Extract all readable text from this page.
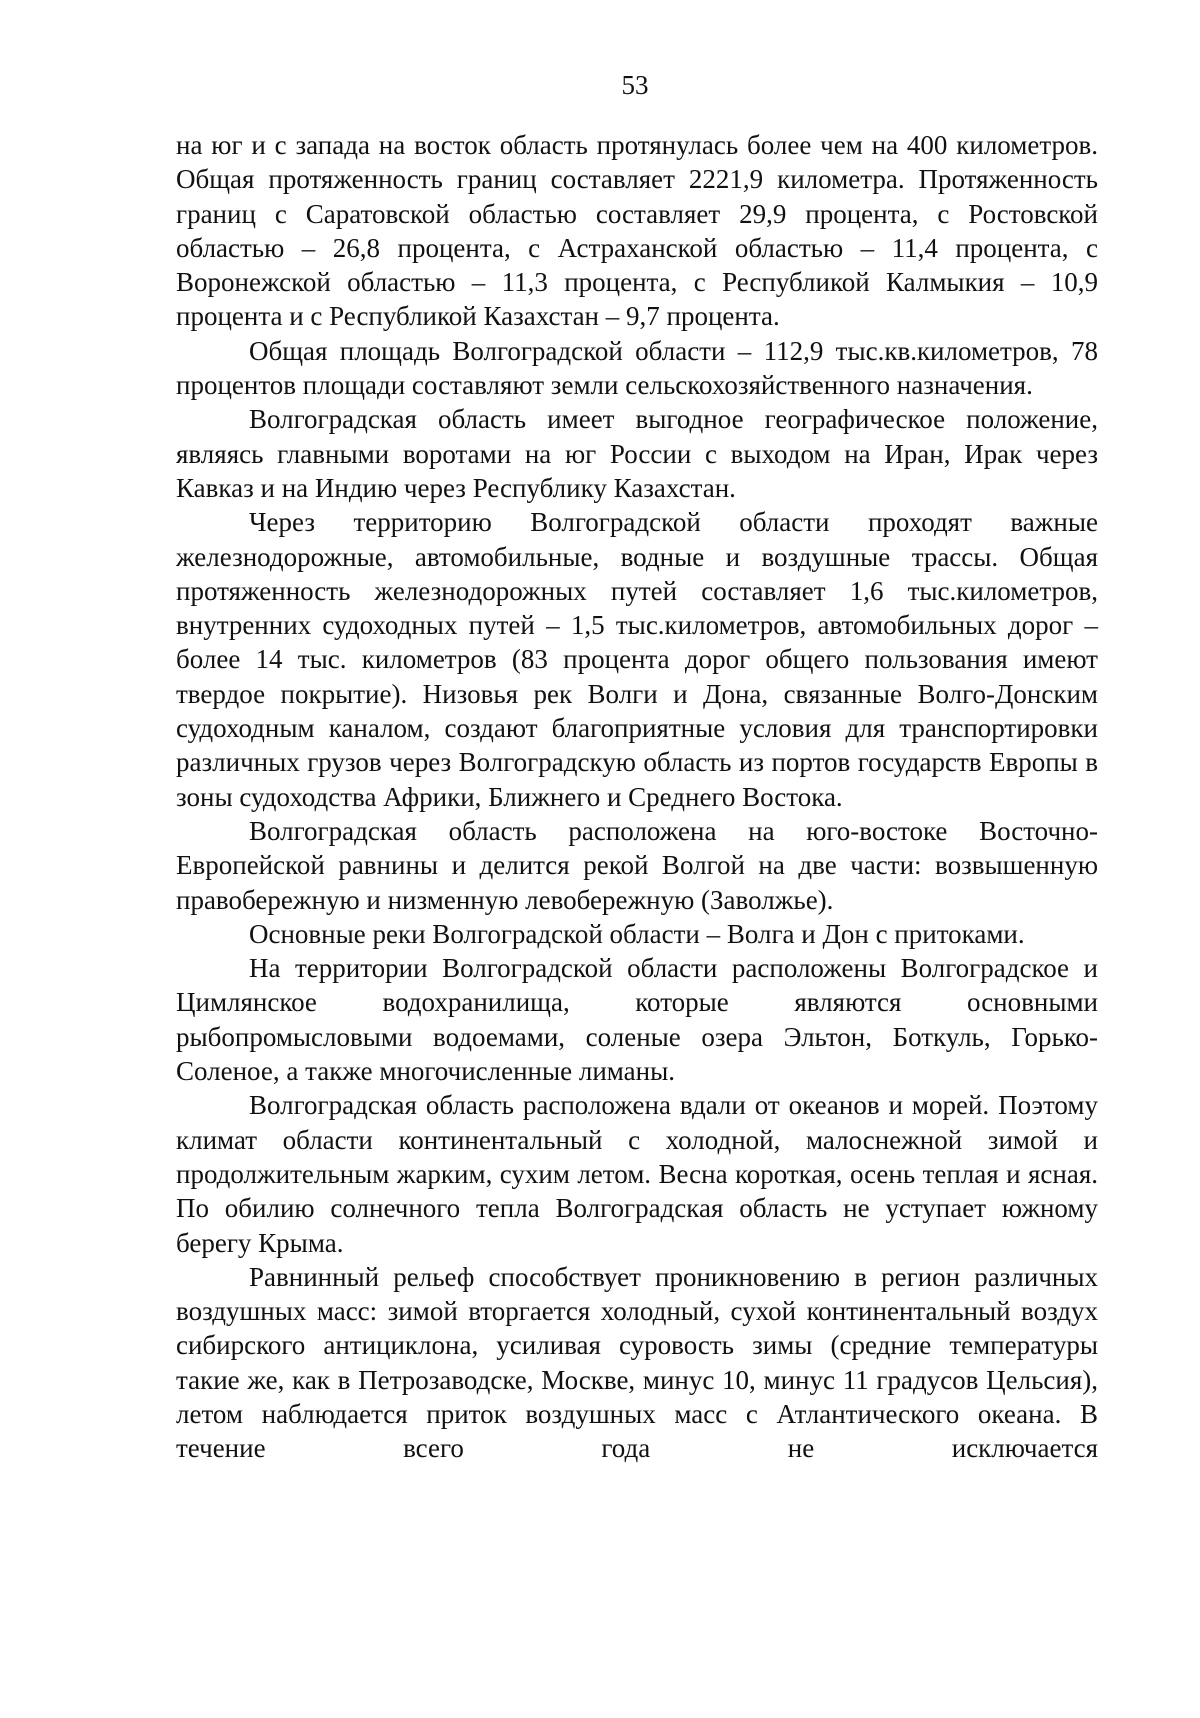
53

на юг и с запада на восток область протянулась более чем на 400 километров. Общая протяженность границ составляет 2221,9 километра. Протяженность границ с Саратовской областью составляет 29,9 процента, с Ростовской областью – 26,8 процента, с Астраханской областью – 11,4 процента, с Воронежской областью – 11,3 процента, с Республикой Калмыкия – 10,9 процента и с Республикой Казахстан – 9,7 процента.

Общая площадь Волгоградской области – 112,9 тыс.кв.километров, 78 процентов площади составляют земли сельскохозяйственного назначения.

Волгоградская область имеет выгодное географическое положение, являясь главными воротами на юг России с выходом на Иран, Ирак через Кавказ и на Индию через Республику Казахстан.

Через территорию Волгоградской области проходят важные железнодорожные, автомобильные, водные и воздушные трассы. Общая протяженность железнодорожных путей составляет 1,6 тыс.километров, внутренних судоходных путей – 1,5 тыс.километров, автомобильных дорог – более 14 тыс. километров (83 процента дорог общего пользования имеют твердое покрытие). Низовья рек Волги и Дона, связанные Волго-Донским судоходным каналом, создают благоприятные условия для транспортировки различных грузов через Волгоградскую область из портов государств Европы в зоны судоходства Африки, Ближнего и Среднего Востока.

Волгоградская область расположена на юго-востоке Восточно-Европейской равнины и делится рекой Волгой на две части: возвышенную правобережную и низменную левобережную (Заволжье).

Основные реки Волгоградской области – Волга и Дон с притоками.

На территории Волгоградской области расположены Волгоградское и Цимлянское водохранилища, которые являются основными рыбопромысловыми водоемами, соленые озера Эльтон, Боткуль, Горько-Соленое, а также многочисленные лиманы.

Волгоградская область расположена вдали от океанов и морей. Поэтому климат области континентальный с холодной, малоснежной зимой и продолжительным жарким, сухим летом. Весна короткая, осень теплая и ясная. По обилию солнечного тепла Волгоградская область не уступает южному берегу Крыма.

Равнинный рельеф способствует проникновению в регион различных воздушных масс: зимой вторгается холодный, сухой континентальный воздух сибирского антициклона, усиливая суровость зимы (средние температуры такие же, как в Петрозаводске, Москве, минус 10, минус 11 градусов Цельсия), летом наблюдается приток воздушных масс с Атлантического океана. В течение всего года не исключается
